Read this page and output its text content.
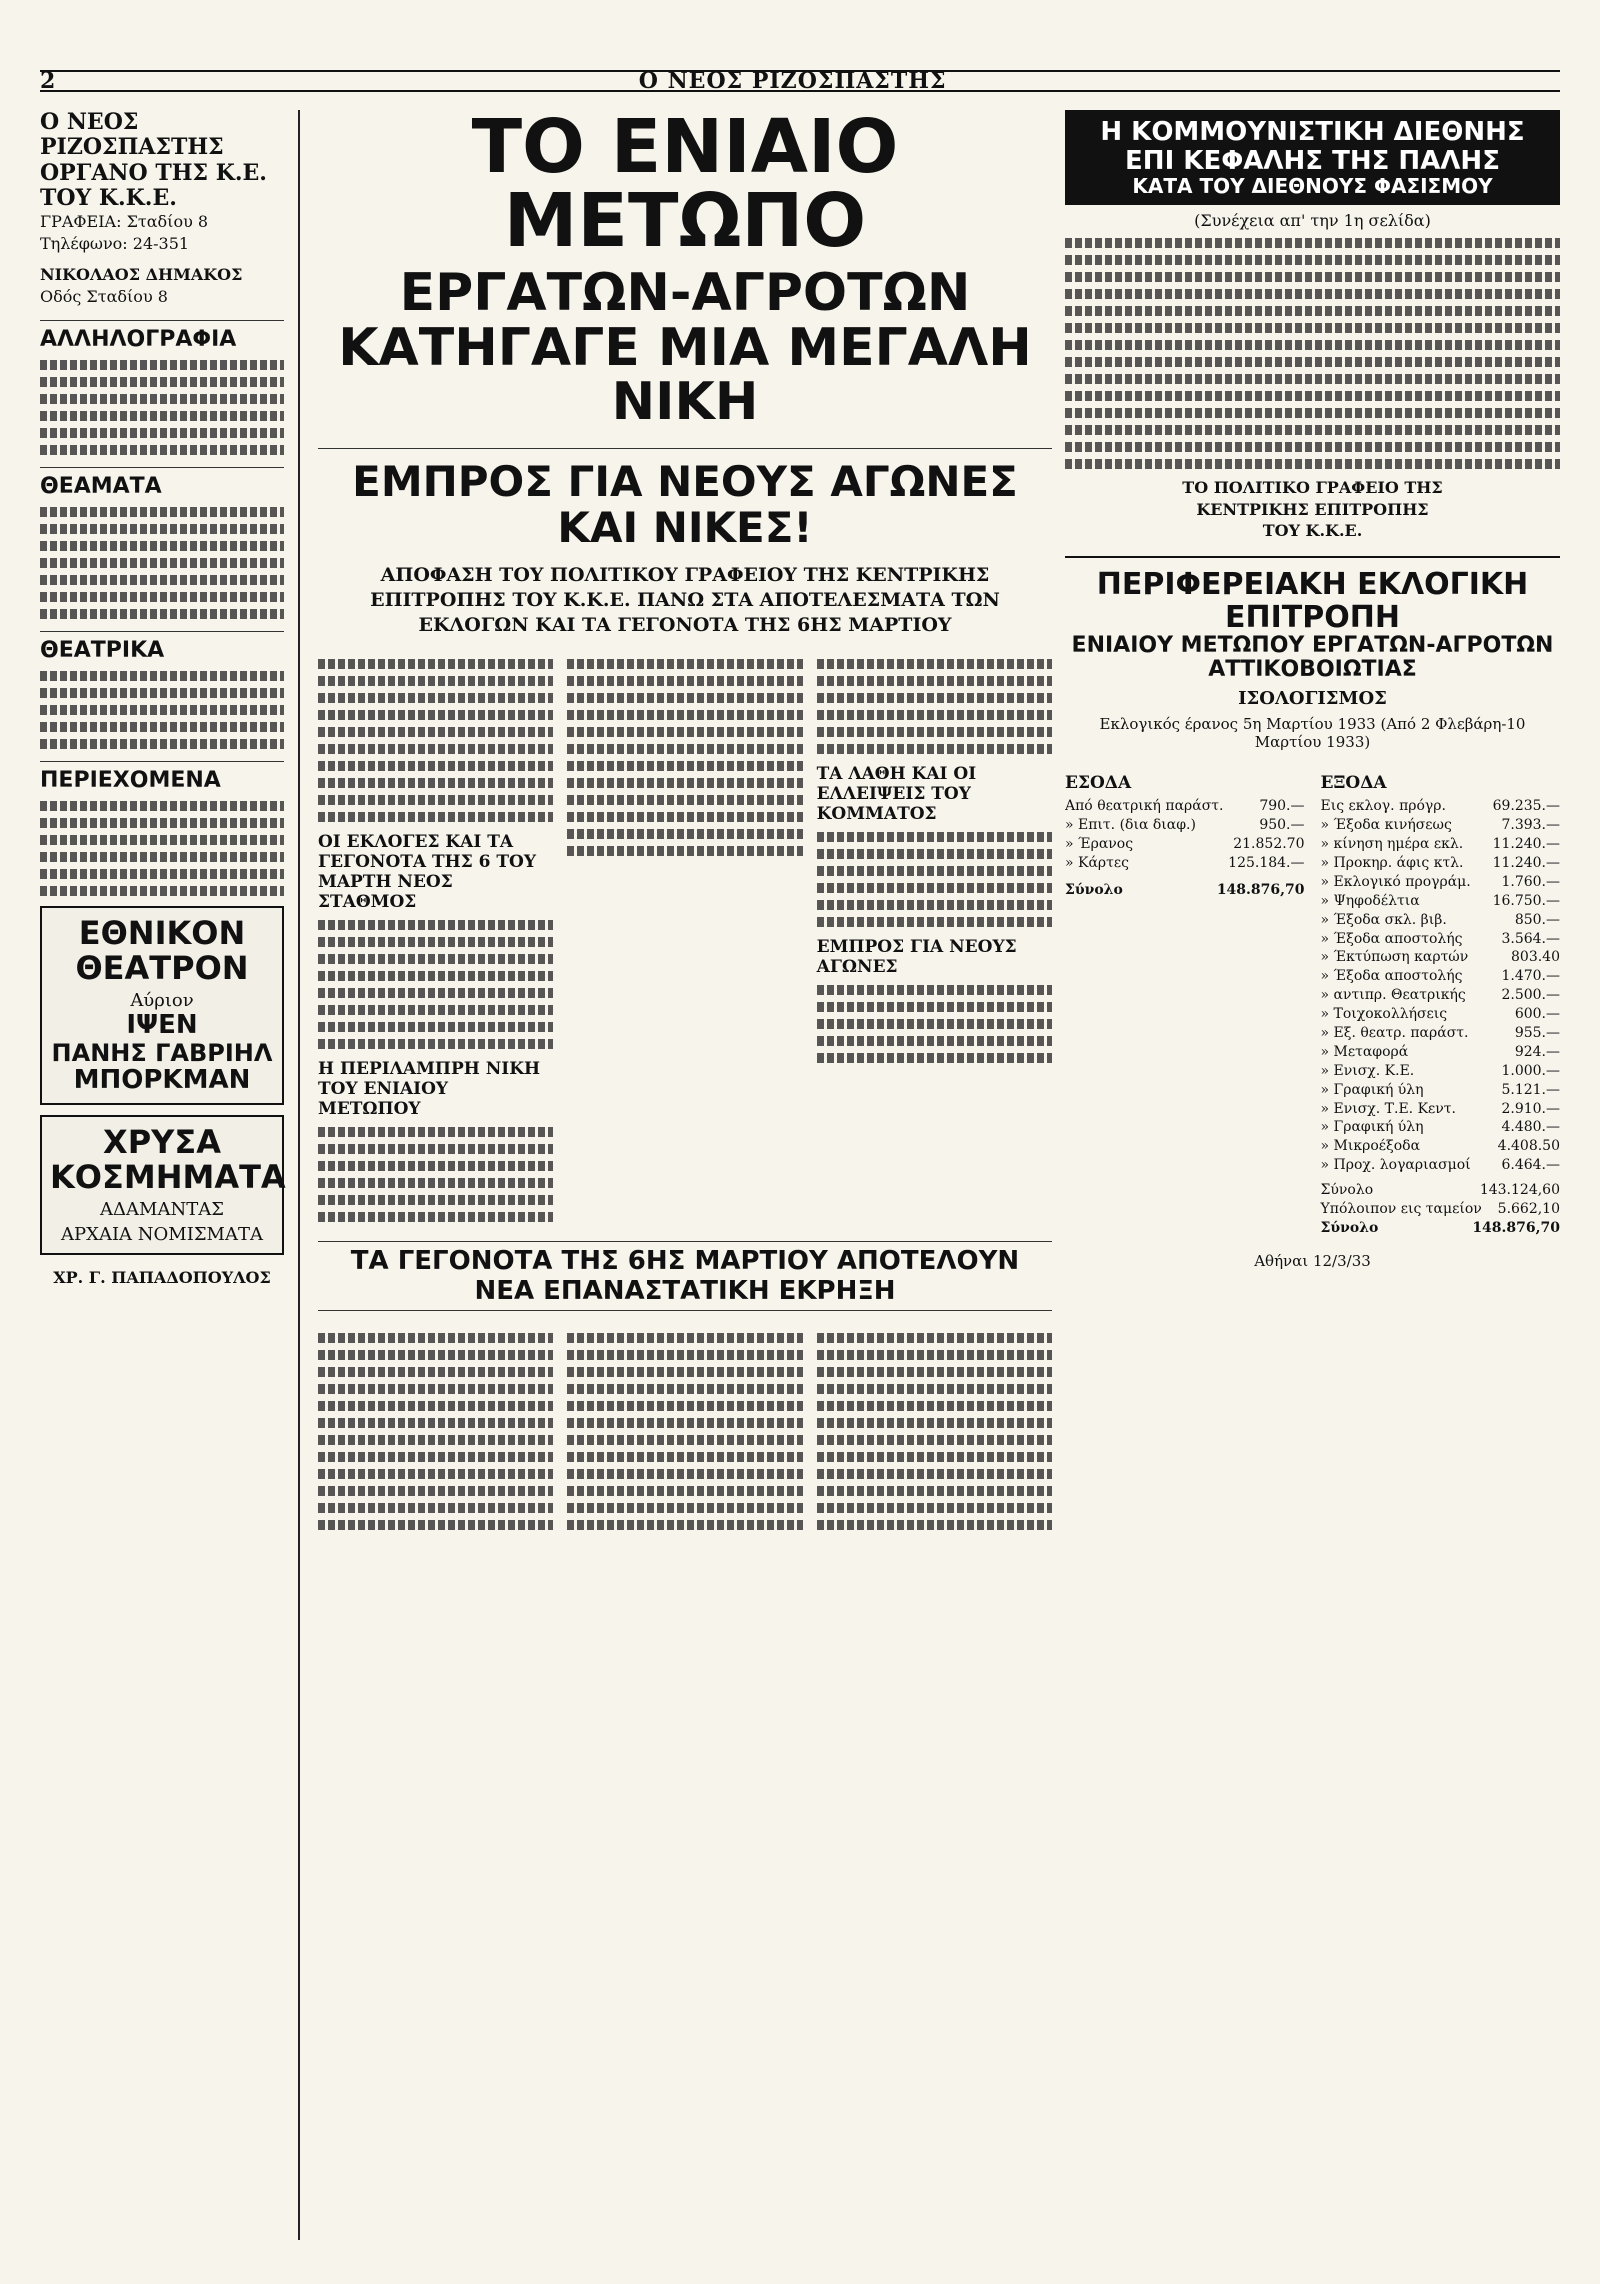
2	Ο ΝΕΟΣ ΡΙΖΟΣΠΑΣΤΗΣ
Ο ΝΕΟΣ ΡΙΖΟΣΠΑΣΤΗΣ
ΟΡΓΑΝΟ ΤΗΣ Κ.Ε. ΤΟΥ Κ.Κ.Ε.
ΓΡΑΦΕΙΑ: Σταδίου 8
Τηλέφωνο: 24-351
ΝΙΚΟΛΑΟΣ ΔΗΜΑΚΟΣ
Οδός Σταδίου 8
ΑΛΛΗΛΟΓΡΑΦΙΑ
ΘΕΑΜΑΤΑ
ΘΕΑΤΡΙΚΑ
ΠΕΡΙΕΧΟΜΕΝΑ
ΕΘΝΙΚΟΝ ΘΕΑΤΡΟΝ
Αύριον
ΙΨΕΝ
ΠΑΝΗΣ ΓΑΒΡΙΗΛ
ΜΠΟΡΚΜΑΝ
ΧΡΥΣΑ ΚΟΣΜΗΜΑΤΑ
ΑΔΑΜΑΝΤΑΣ
ΑΡΧΑΙΑ ΝΟΜΙΣΜΑΤΑ
ΧΡ. Γ. ΠΑΠΑΔΟΠΟΥΛΟΣ
ΤΟ ΕΝΙΑΙΟ ΜΕΤΩΠΟ
ΕΡΓΑΤΩΝ-ΑΓΡΟΤΩΝ ΚΑΤΗΓΑΓΕ ΜΙΑ ΜΕΓΑΛΗ ΝΙΚΗ
ΕΜΠΡΟΣ ΓΙΑ ΝΕΟΥΣ ΑΓΩΝΕΣ ΚΑΙ ΝΙΚΕΣ!
ΑΠΟΦΑΣΗ ΤΟΥ ΠΟΛΙΤΙΚΟΥ ΓΡΑΦΕΙΟΥ ΤΗΣ ΚΕΝΤΡΙΚΗΣ ΕΠΙΤΡΟΠΗΣ ΤΟΥ Κ.Κ.Ε. ΠΑΝΩ ΣΤΑ ΑΠΟΤΕΛΕΣΜΑΤΑ ΤΩΝ ΕΚΛΟΓΩΝ ΚΑΙ ΤΑ ΓΕΓΟΝΟΤΑ ΤΗΣ 6ΗΣ ΜΑΡΤΙΟΥ
ΟΙ ΕΚΛΟΓΕΣ ΚΑΙ ΤΑ ΓΕΓΟΝΟΤΑ ΤΗΣ 6 ΤΟΥ ΜΑΡΤΗ ΝΕΟΣ ΣΤΑΘΜΟΣ
Η ΠΕΡΙΛΑΜΠΡΗ ΝΙΚΗ ΤΟΥ ΕΝΙΑΙΟΥ ΜΕΤΩΠΟΥ
ΤΑ ΛΑΘΗ ΚΑΙ ΟΙ ΕΛΛΕΙΨΕΙΣ ΤΟΥ ΚΟΜΜΑΤΟΣ
ΕΜΠΡΟΣ ΓΙΑ ΝΕΟΥΣ ΑΓΩΝΕΣ
ΤΑ ΓΕΓΟΝΟΤΑ ΤΗΣ 6ΗΣ ΜΑΡΤΙΟΥ ΑΠΟΤΕΛΟΥΝ ΝΕΑ ΕΠΑΝΑΣΤΑΤΙΚΗ ΕΚΡΗΞΗ
Η ΚΟΜΜΟΥΝΙΣΤΙΚΗ ΔΙΕΘΝΗΣ
ΕΠΙ ΚΕΦΑΛΗΣ ΤΗΣ ΠΑΛΗΣ
ΚΑΤΑ ΤΟΥ ΔΙΕΘΝΟΥΣ ΦΑΣΙΣΜΟΥ
(Συνέχεια απ' την 1η σελίδα)
ΤΟ ΠΟΛΙΤΙΚΟ ΓΡΑΦΕΙΟ ΤΗΣ
ΚΕΝΤΡΙΚΗΣ ΕΠΙΤΡΟΠΗΣ
ΤΟΥ Κ.Κ.Ε.
ΠΕΡΙΦΕΡΕΙΑΚΗ ΕΚΛΟΓΙΚΗ ΕΠΙΤΡΟΠΗ
ΕΝΙΑΙΟΥ ΜΕΤΩΠΟΥ ΕΡΓΑΤΩΝ-ΑΓΡΟΤΩΝ ΑΤΤΙΚΟΒΟΙΩΤΙΑΣ
ΙΣΟΛΟΓΙΣΜΟΣ
Εκλογικός έρανος 5η Μαρτίου 1933 (Από 2 Φλεβάρη-10 Μαρτίου 1933)
ΕΣΟΔΑ
Από θεατρική παράστ.	790.—
» Επιτ. (δια διαφ.)	950.—
» Έρανος	21.852.70
» Κάρτες	125.184.—
Σύνολο	148.876,70
ΕΞΟΔΑ
Εις εκλογ. πρόγρ.	69.235.—
» Έξοδα κινήσεως	7.393.—
» κίνηση ημέρα εκλ. 11.240.—
» Προκηρ. άφις κτλ. 11.240.—
» Εκλογικό προγράμ. 1.760.—
» Ψηφοδέλτια	16.750.—
» Έξοδα σκλ. βιβ.	850.—
» Έξοδα αποστολής	3.564.—
» Έκτύπωση καρτών	803.40
» Έξοδα αποστολής	1.470.—
» αντιπρ. Θεατρικής	2.500.—
» Τοιχοκολλήσεις	600.—
» Εξ. θεατρ. παράστ.	955.—
» Μεταφορά	924.—
» Ενισχ. Κ.Ε.	1.000.—
» Γραφική ύλη	5.121.—
» Ενισχ. Τ.Ε. Κεντ.	2.910.—
» Γραφική ύλη	4.480.—
» Μικροέξοδα	4.408.50
» Προχ. λογαριασμοί 6.464.—
Σύνολο	143.124,60
Υπόλοιπον εις ταμείον 5.662,10
Σύνολο	148.876,70
Αθήναι 12/3/33
